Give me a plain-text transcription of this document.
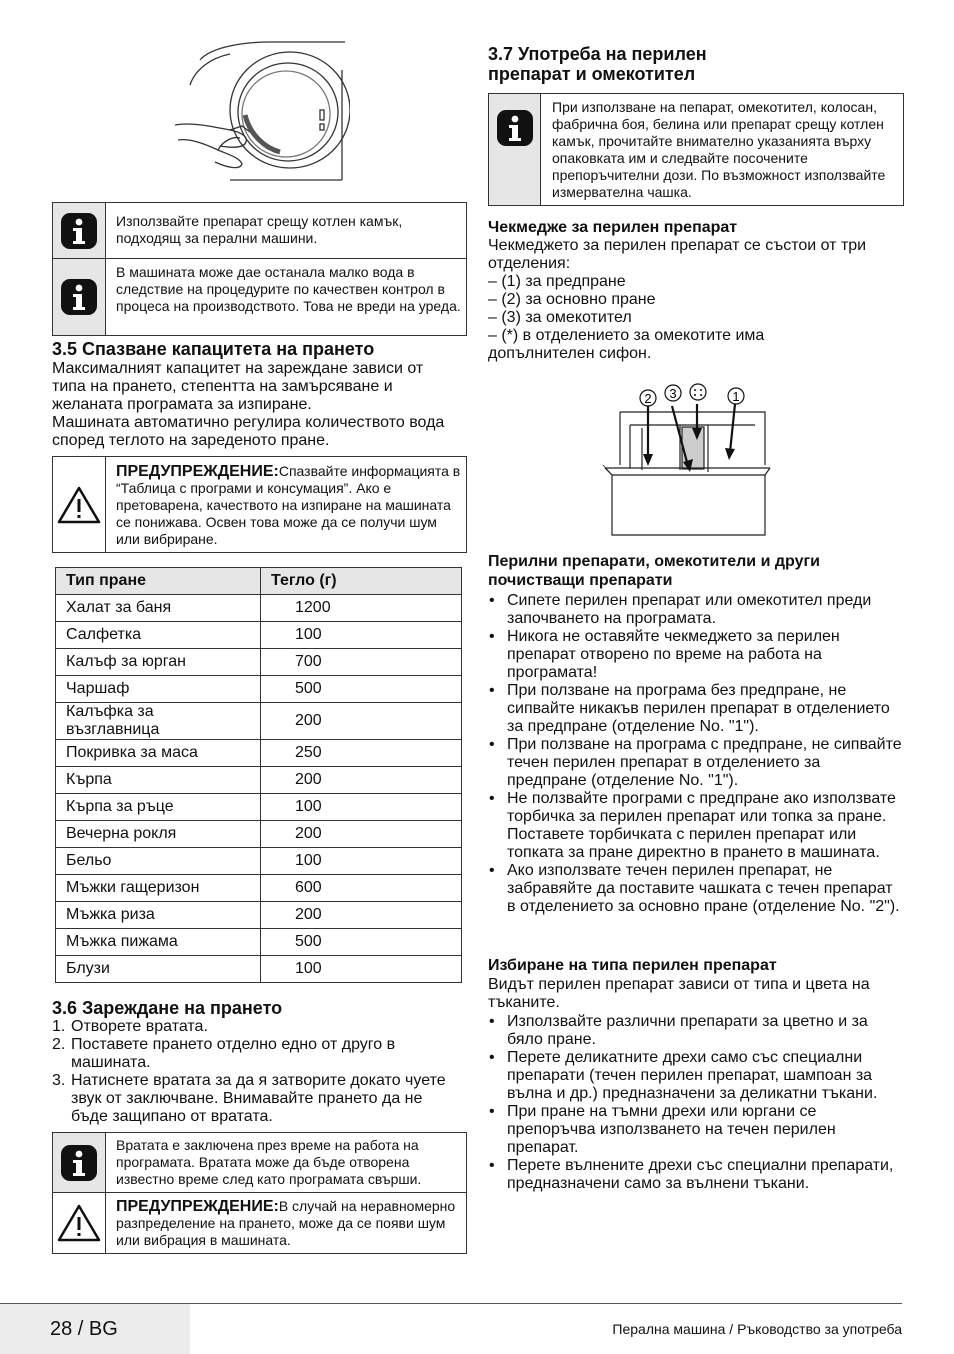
Използвайте препарат срещу котлен камък, подходящ за перални машини.
В машината може дае останала малко вода в следствие на процедурите по качествен контрол в процеса на производството. Това не вреди на уреда.
3.5 Спазване капацитета на прането
Максималният капацитет на зареждане зависи от типа на прането, степентта на замърсяване и желаната програмата за изпиране.
Машината автоматично регулира количеството вода според теглото на зареденото пране.
ПРЕДУПРЕЖДЕНИЕ:Спазвайте информацията в “Таблица с програми и консумация”. Ако е претоварена, качеството на изпиране на машината се понижава. Освен това може да се получи шум или вибриране.
Тип пране	Тегло (г)
Халат за баня	1200
Салфетка	100
Калъф за юрган	700
Чаршаф	500
Калъфка за възглавница	200
Покривка за маса	250
Кърпа	200
Кърпа за ръце	100
Вечерна рокля	200
Бельо	100
Мъжки гащеризон	600
Мъжка риза	200
Мъжка пижама	500
Блузи	100
3.6 Зареждане на прането
1. Отворете вратата.
2. Поставете прането отделно едно от друго в машината.
3. Натиснете вратата за да я затворите докато чуете звук от заключване. Внимавайте прането да не бъде защипано от вратата.
Вратата е заключена през време на работа на програмата. Вратата може да бъде отворена известно време след като програмата свърши.
ПРЕДУПРЕЖДЕНИЕ:В случай на неравномерно разпределение на прането, може да се появи шум или вибрация в машината.
3.7 Употреба на перилен
препарат и омекотител
При използване на пепарат, омекотител, колосан, фабрична боя, белина или препарат срещу котлен камък, прочитайте внимателно указанията върху опаковката им и следвайте посочените препоръчителни дози. По възможност използвайте измервателна чашка.
Чекмедже за перилен препарат
Чекмеджето за перилен препарат се състои от три отделения:
– (1) за предпране
– (2) за основно пране
– (3) за омекотител
– (*) в отделението за омекотите има допълнителен сифон.
2 3	1
Перилни препарати, омекотители и други почистващи препарати
• Сипете перилен препарат или омекотител преди започването на програмата.
• Никога не оставяйте чекмеджето за перилен препарат отворено по време на работа на програмата!
• При ползване на програма без предпране, не сипвайте никакъв перилен препарат в отделението за предпране (отделение No. "1").
• При ползване на програма с предпране, не сипвайте течен перилен препарат в отделението за предпране (отделение No. "1").
• Не ползвайте програми с предпране ако използвате торбичка за перилен препарат или топка за пране. Поставете торбичката с перилен препарат или топката за пране директно в прането в машината.
• Ако използвате течен перилен препарат, не забравяйте да поставите чашката с течен препарат в отделението за основно пране (отделение No. "2").
Избиране на типа перилен препарат
Видът перилен препарат зависи от типа и цвета на тъканите.
• Използвайте различни препарати за цветно и за бяло пране.
• Перете деликатните дрехи само със специални препарати (течен перилен препарат, шампоан за вълна и др.) предназначени за деликатни тъкани.
• При пране на тъмни дрехи или юргани се препоръчва използването на течен перилен препарат.
• Перете вълнените дрехи със специални препарати, предназначени само за вълнени тъкани.
28 / BG	Перална машина / Ръководство за употреба
